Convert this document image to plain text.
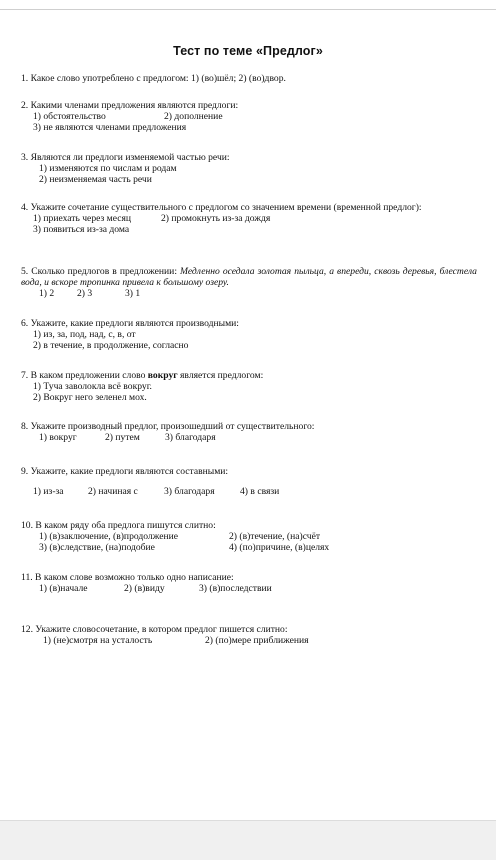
Тест по теме «Предлог»
1. Какое слово употреблено с предлогом: 1) (во)шёл; 2) (во)двор.
2. Какими членами предложения являются предлоги:
1) обстоятельство	2) дополнение
3) не являются членами предложения
3. Являются ли предлоги изменяемой частью речи:
1) изменяются по числам и родам
2) неизменяемая часть речи
4. Укажите сочетание существительного с предлогом со значением времени (временной предлог):
1) приехать через месяц	2) промокнуть из-за дождя
3) появиться из-за дома
5. Сколько предлогов в предложении: Медленно оседала золотая пыльца, а впереди, сквозь деревья, блестела вода, и вскоре тропинка привела к большому озеру.
1) 2 2) 3	3) 1
6. Укажите, какие предлоги являются производными:
1) из, за, под, над, с, в, от
2) в течение, в продолжение, согласно
7. В каком предложении слово вокруг является предлогом:
1) Туча заволокла всё вокруг.
2) Вокруг него зеленел мох.
8. Укажите производный предлог, произошедший от существительного:
1) вокруг	2) путем	3) благодаря
9. Укажите, какие предлоги являются составными:
1) из-за	2) начиная с	3) благодаря	4) в связи
10. В каком ряду оба предлога пишутся слитно:
1) (в)заключение, (в)продолжение	2) (в)течение, (на)счёт
3) (в)следствие, (на)подобие	4) (по)причине, (в)целях
11. В каком слове возможно только одно написание:
1) (в)начале	2) (в)виду	3) (в)последствии
12. Укажите словосочетание, в котором предлог пишется слитно:
1) (не)смотря на усталость	2) (по)мере приближения
